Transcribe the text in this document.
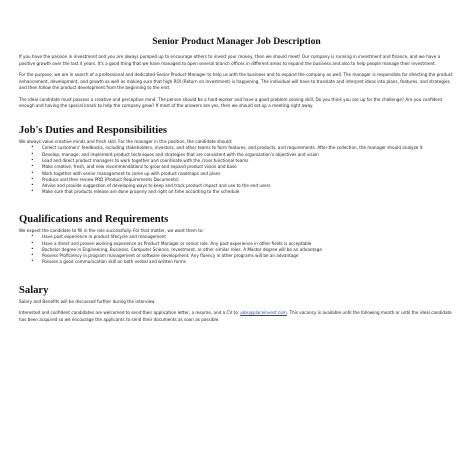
Senior Product Manager Job Description

If you have the passion in investment and you are always pumped up to encourage others to invest your money, then we should meet! Our company is running in investment and finance, and we have a positive growth over the last 4 years. It's a good thing that we have managed to open several branch offices in different areas to expand the business and also to help people manage their investment.

For the purpose, we are in search of a professional and dedicated Senior Product Manager to help us with the business and to expand the company as well. The manager is responsible for directing the product enhancement, development, and growth as well as making sure that high ROI (Return on Investment) is happening. The individual will have to translate and interpret ideas into plans, features, and strategies and then follow the product development from the beginning to the end.

The ideal candidate must possess a creative and perceptive mind. The person should be a hard-worker and have a good problem solving skill. Do you think you are up for the challenge? Are you confident enough and having the special knack to help the company grow? If most of the answers are yes, then we should set up a meeting right away.

Job's Duties and Responsibilities

We always value creative minds and fresh skill. For the manager in this position, the candidate should:

• Collect customers' feedbacks, including stakeholders, investors, and other teams to form features, and products, and requirements. After the collection, the manager should analyze it
• Develop, manage, and implement product techniques and strategies that are consistent with the organization's objectives and vision
• Lead and direct product managers to work together and coordinate with the cross functional teams
• Make creative, fresh, and new recommendations to grow and expand product vision and base
• Work together with senior management to come up with product roadmaps and plans
• Produce and then review PRD (Product Requirements Documents)
• Advise and provide suggestion of developing ways to keep and track product impact and use to the end users
• Make sure that products release are done properly and right on time according to the schedule
Qualifications and Requirements

We expect the candidate to fill in the role successfully. For that matter, we want them to:

• Have past experience in product lifecycle and management
• Have a direct and proven working experience as Product Manager or senior role. Any past experience in other fields is acceptable
• Bachelor degree in Engineering, Business, Computer Science, Investment, or other similar roles. A Master degree will be an advantage
• Possess Proficiency in program management or software development. Any fluency in other programs will be an advantage
• Possess a good communication skill on both verbal and written forms
Salary

Salary and Benefits will be discussed further during the interview

Interested and confident candidates are welcomed to send their application letter, a resume, and a CV to: jobs@placeinvest.com. This vacancy is available until the following month or until the ideal candidate has been acquired so we encourage the applicants to send their documents as soon as possible.
